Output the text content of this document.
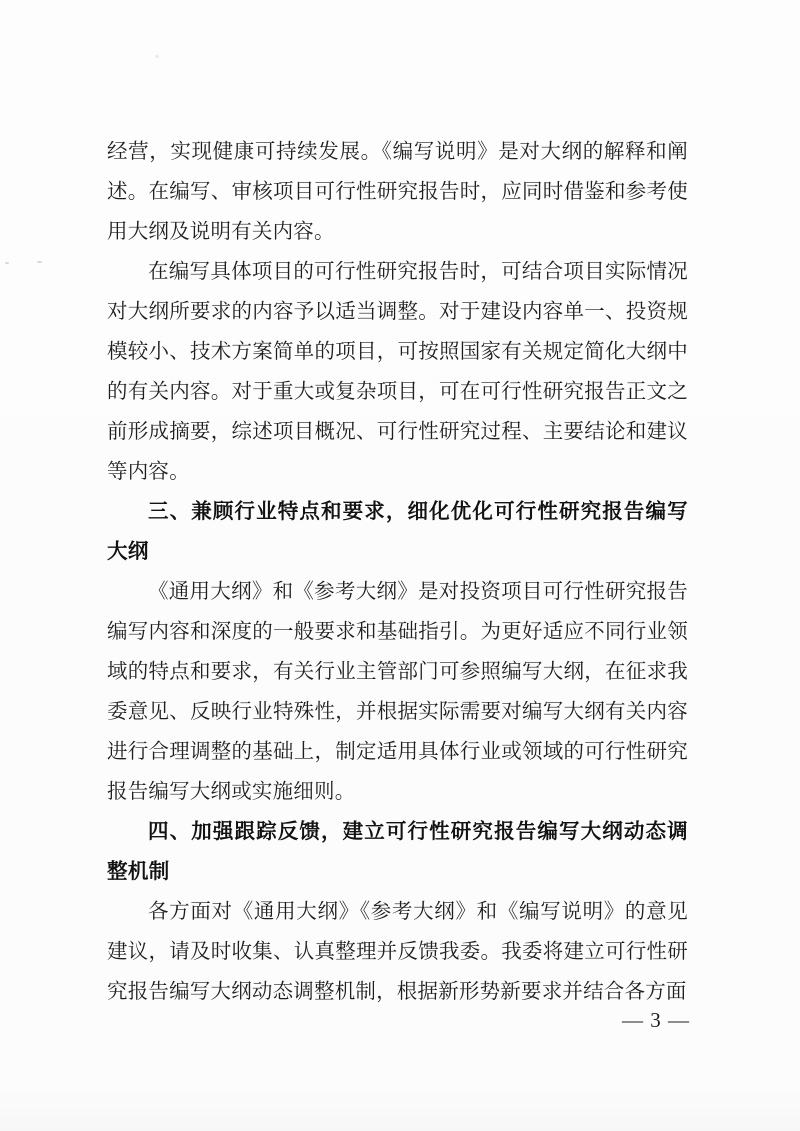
经营，实现健康可持续发展。《编写说明》是对大纲的解释和阐述。在编写、审核项目可行性研究报告时，应同时借鉴和参考使用大纲及说明有关内容。

在编写具体项目的可行性研究报告时，可结合项目实际情况对大纲所要求的内容予以适当调整。对于建设内容单一、投资规模较小、技术方案简单的项目，可按照国家有关规定简化大纲中的有关内容。对于重大或复杂项目，可在可行性研究报告正文之前形成摘要，综述项目概况、可行性研究过程、主要结论和建议等内容。

三、兼顾行业特点和要求，细化优化可行性研究报告编写大纲

《通用大纲》和《参考大纲》是对投资项目可行性研究报告编写内容和深度的一般要求和基础指引。为更好适应不同行业领域的特点和要求，有关行业主管部门可参照编写大纲，在征求我委意见、反映行业特殊性，并根据实际需要对编写大纲有关内容进行合理调整的基础上，制定适用具体行业或领域的可行性研究报告编写大纲或实施细则。

四、加强跟踪反馈，建立可行性研究报告编写大纲动态调整机制

各方面对《通用大纲》《参考大纲》和《编写说明》的意见建议，请及时收集、认真整理并反馈我委。我委将建立可行性研究报告编写大纲动态调整机制，根据新形势新要求并结合各方面

— 3 —
